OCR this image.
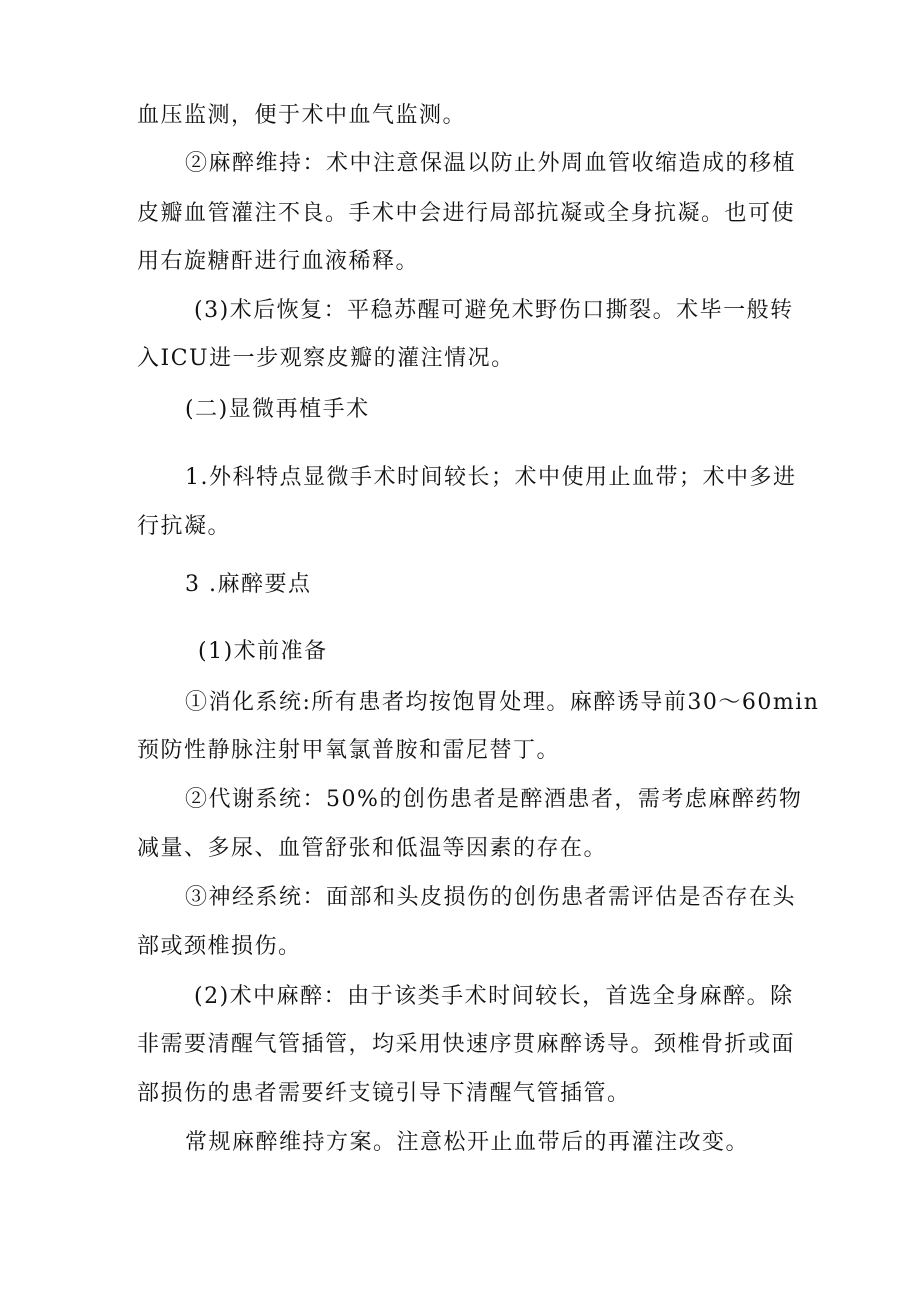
血压监测，便于术中血气监测。
②麻醉维持：术中注意保温以防止外周血管收缩造成的移植
皮瓣血管灌注不良。手术中会进行局部抗凝或全身抗凝。也可使
用右旋糖酐进行血液稀释。
(3)术后恢复：平稳苏醒可避免术野伤口撕裂。术毕一般转
入ICU进一步观察皮瓣的灌注情况。
(二)显微再植手术
1.外科特点显微手术时间较长；术中使用止血带；术中多进
行抗凝。
3 .麻醉要点
(1)术前准备
①消化系统:所有患者均按饱胃处理。麻醉诱导前30～60min
预防性静脉注射甲氧氯普胺和雷尼替丁。
②代谢系统：50%的创伤患者是醉酒患者，需考虑麻醉药物
减量、多尿、血管舒张和低温等因素的存在。
③神经系统：面部和头皮损伤的创伤患者需评估是否存在头
部或颈椎损伤。
(2)术中麻醉：由于该类手术时间较长，首选全身麻醉。除
非需要清醒气管插管，均采用快速序贯麻醉诱导。颈椎骨折或面
部损伤的患者需要纤支镜引导下清醒气管插管。
常规麻醉维持方案。注意松开止血带后的再灌注改变。
